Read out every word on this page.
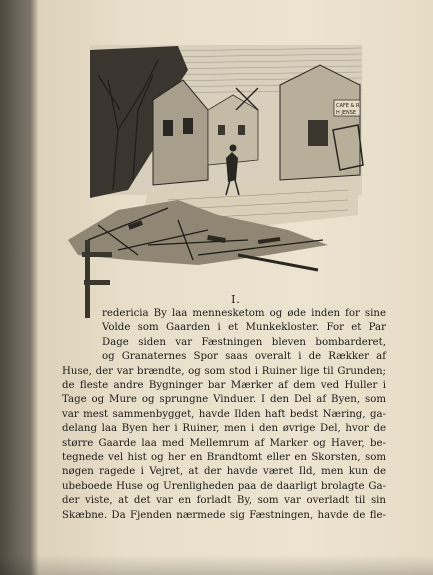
CAFE & R
H JENSE
I.
redericia By laa mennesketom og øde inden for sine
Volde som Gaarden i et Munkekloster. For et Par
Dage siden var Fæstningen bleven bombarderet,
og Granaternes Spor saas overalt i de Rækker af
Huse, der var brændte, og som stod i Ruiner lige til Grunden;
de fleste andre Bygninger bar Mærker af dem ved Huller i
Tage og Mure og sprungne Vinduer. I den Del af Byen, som
var mest sammenbygget, havde Ilden haft bedst Næring, ga-
delang laa Byen her i Ruiner, men i den øvrige Del, hvor de
større Gaarde laa med Mellemrum af Marker og Haver, be-
tegnede vel hist og her en Brandtomt eller en Skorsten, som
nøgen ragede i Vejret, at der havde været Ild, men kun de
ubeboede Huse og Urenligheden paa de daarligt brolagte Ga-
der viste, at det var en forladt By, som var overladt til sin
Skæbne. Da Fjenden nærmede sig Fæstningen, havde de fle-
